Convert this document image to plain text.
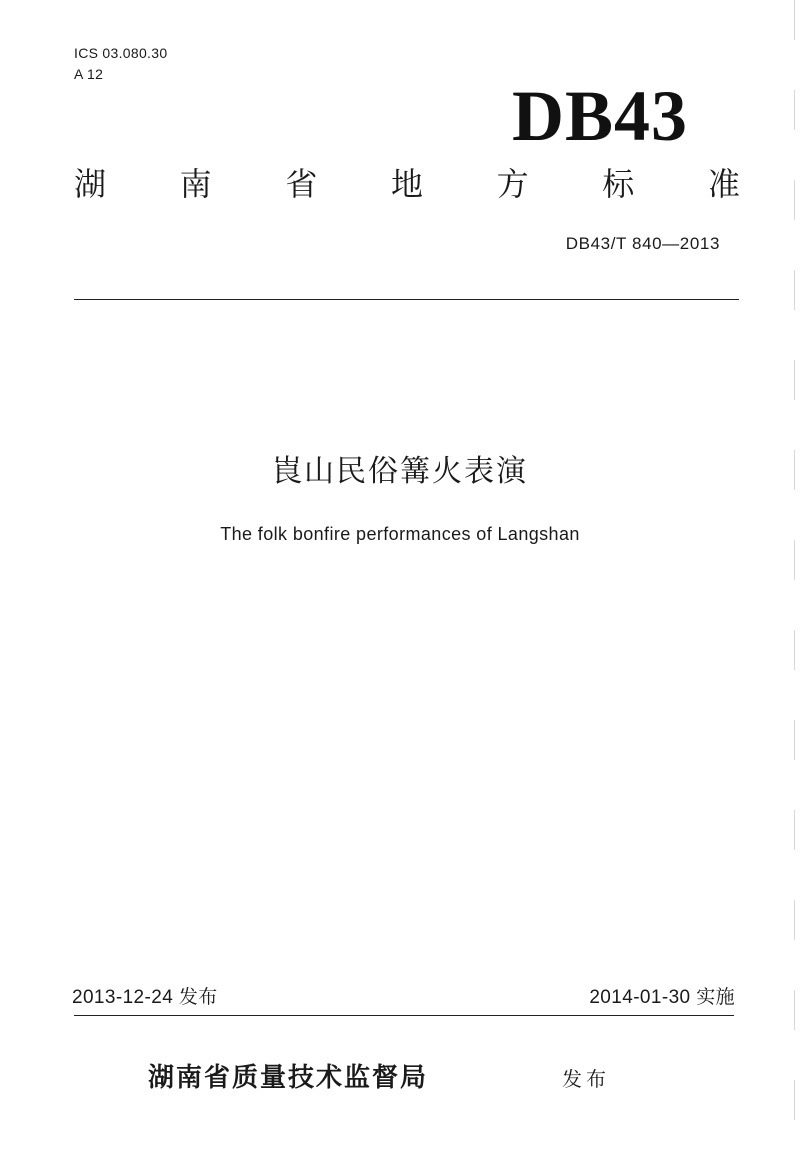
ICS 03.080.30
A 12
DB43
湖 南 省 地 方 标 准
DB43/T 840—2013
崀山民俗篝火表演
The folk bonfire performances of Langshan
2013-12-24 发布	2014-01-30 实施
湖南省质量技术监督局	发布
